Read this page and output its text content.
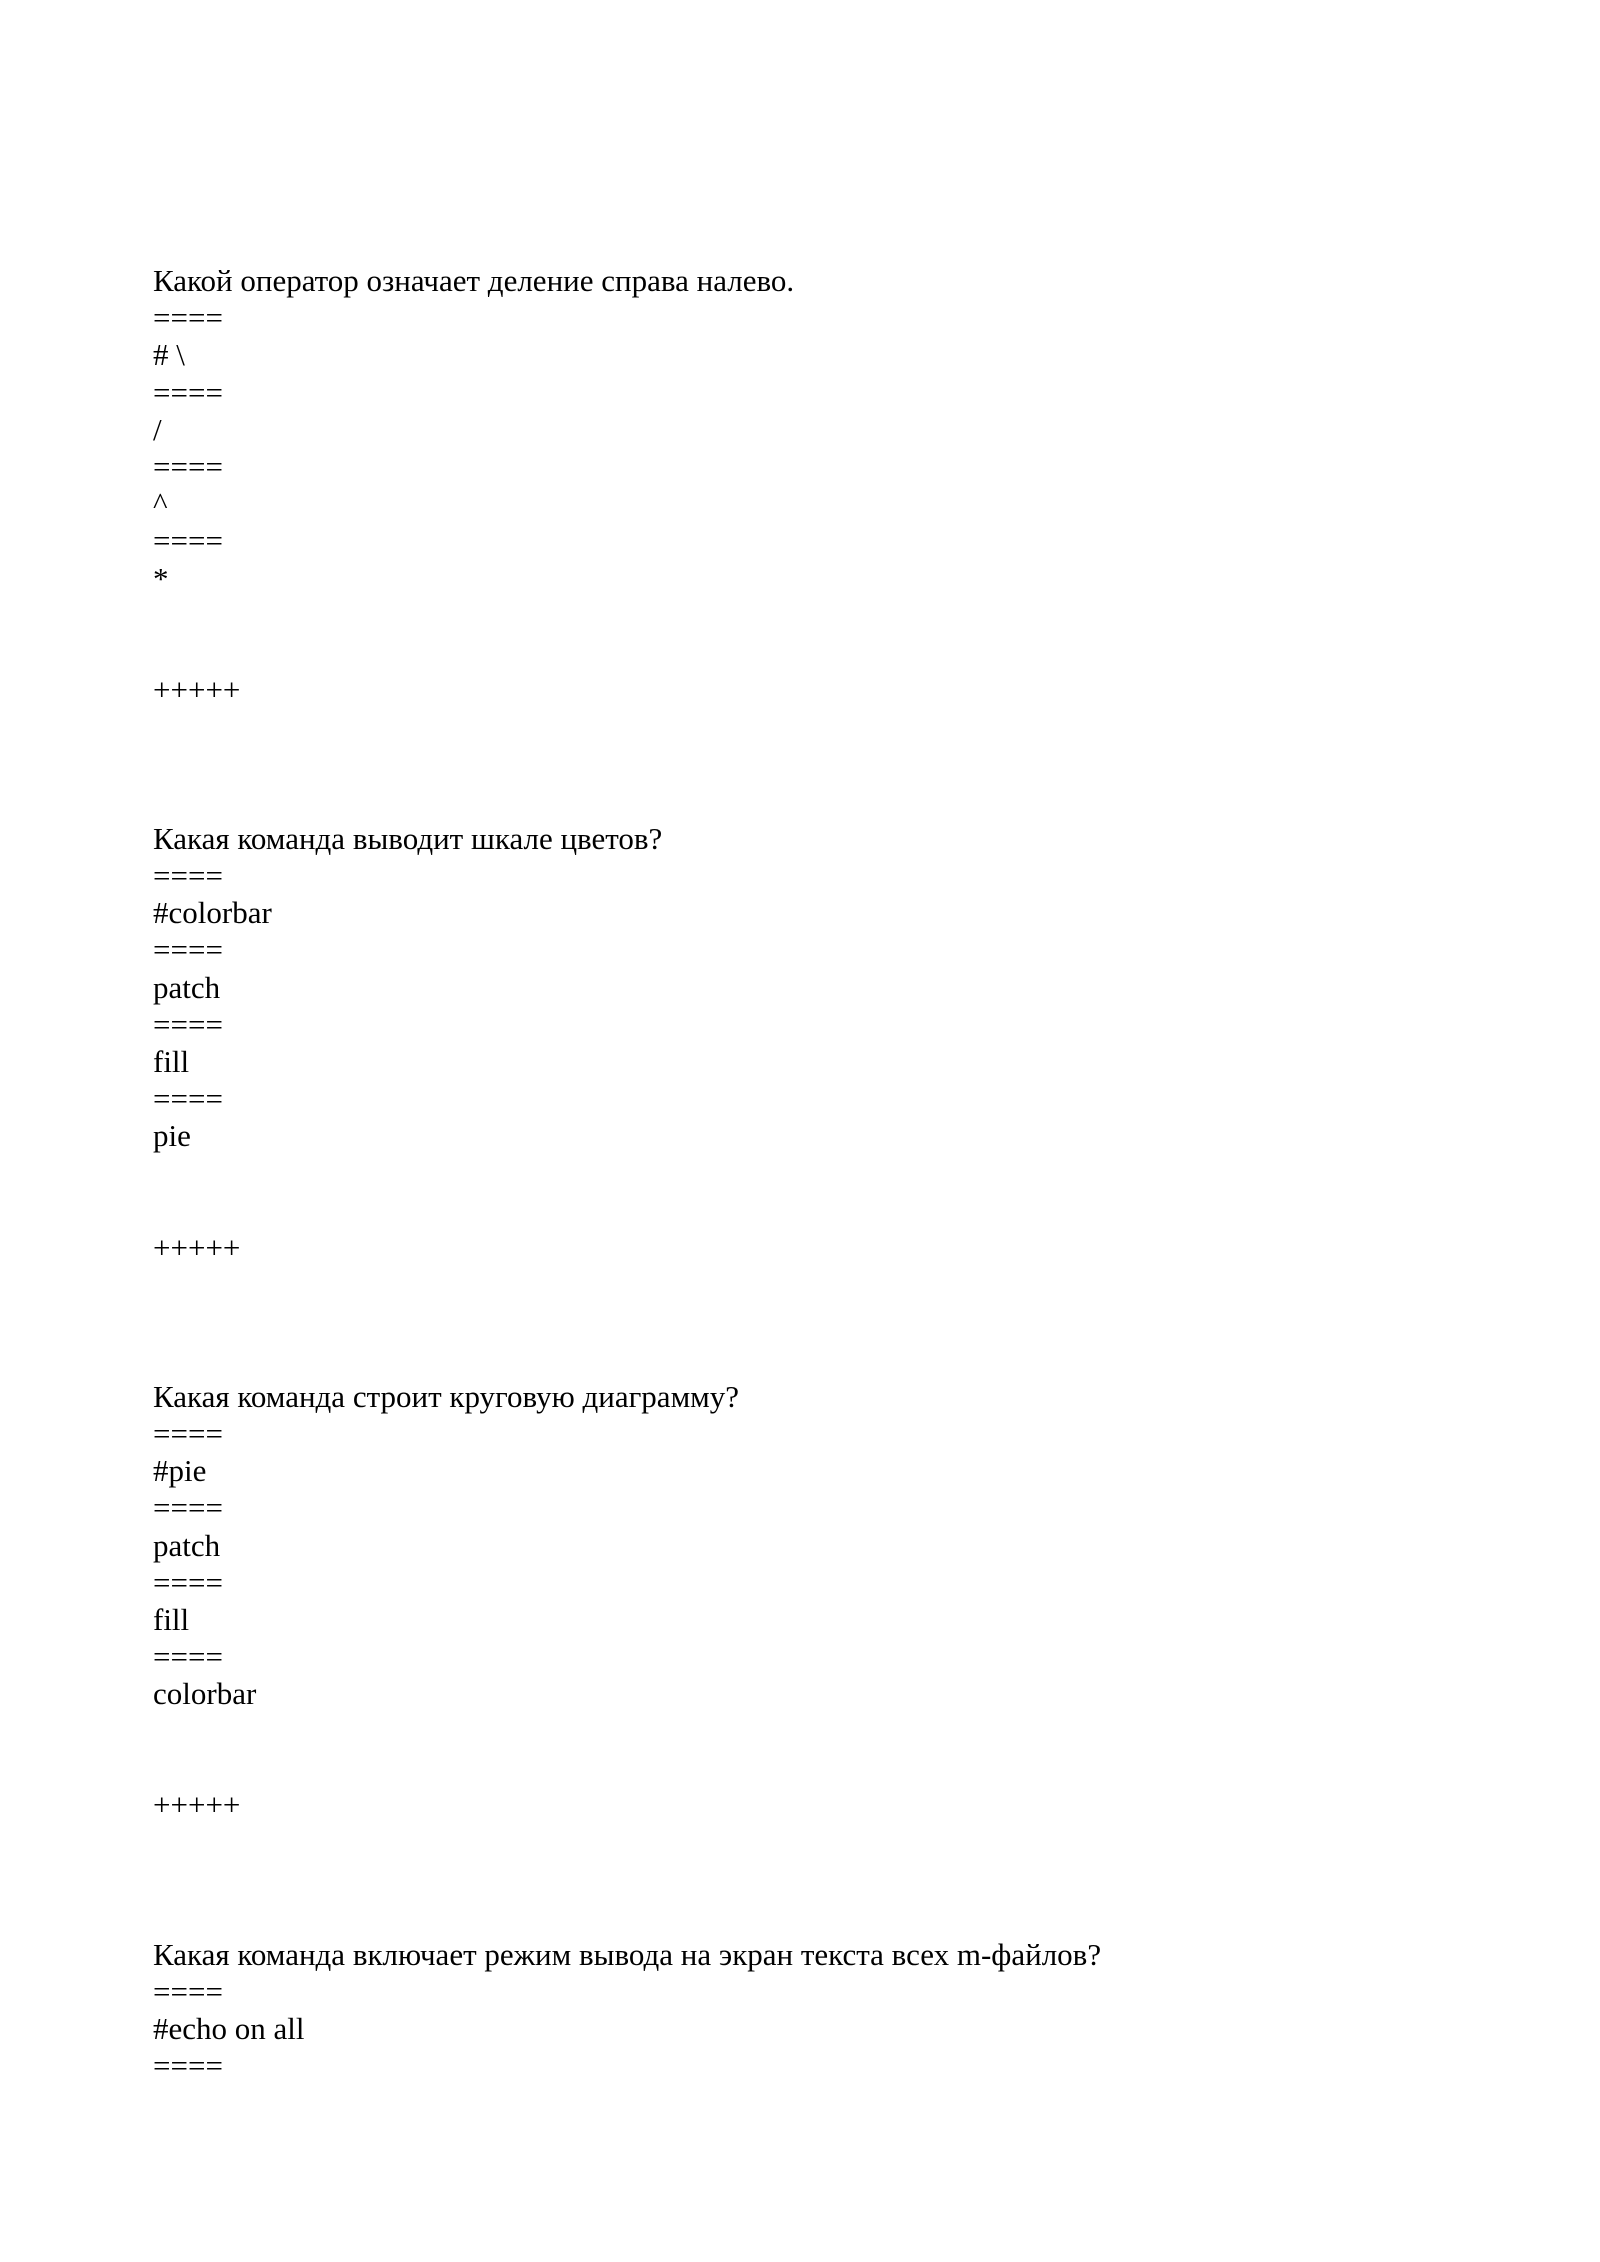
Какой оператор означает деление справа налево.
====
# \
====
/
====
^
====
*
+++++
Какая команда выводит шкале цветов?
====
#colorbar
====
patch
====
fill
====
pie
+++++
Какая команда строит круговую диаграмму?
====
#pie
====
patch
====
fill
====
colorbar
+++++
Какая команда включает режим вывода на экран текста всех m-файлов?
====
#echo on all
====
